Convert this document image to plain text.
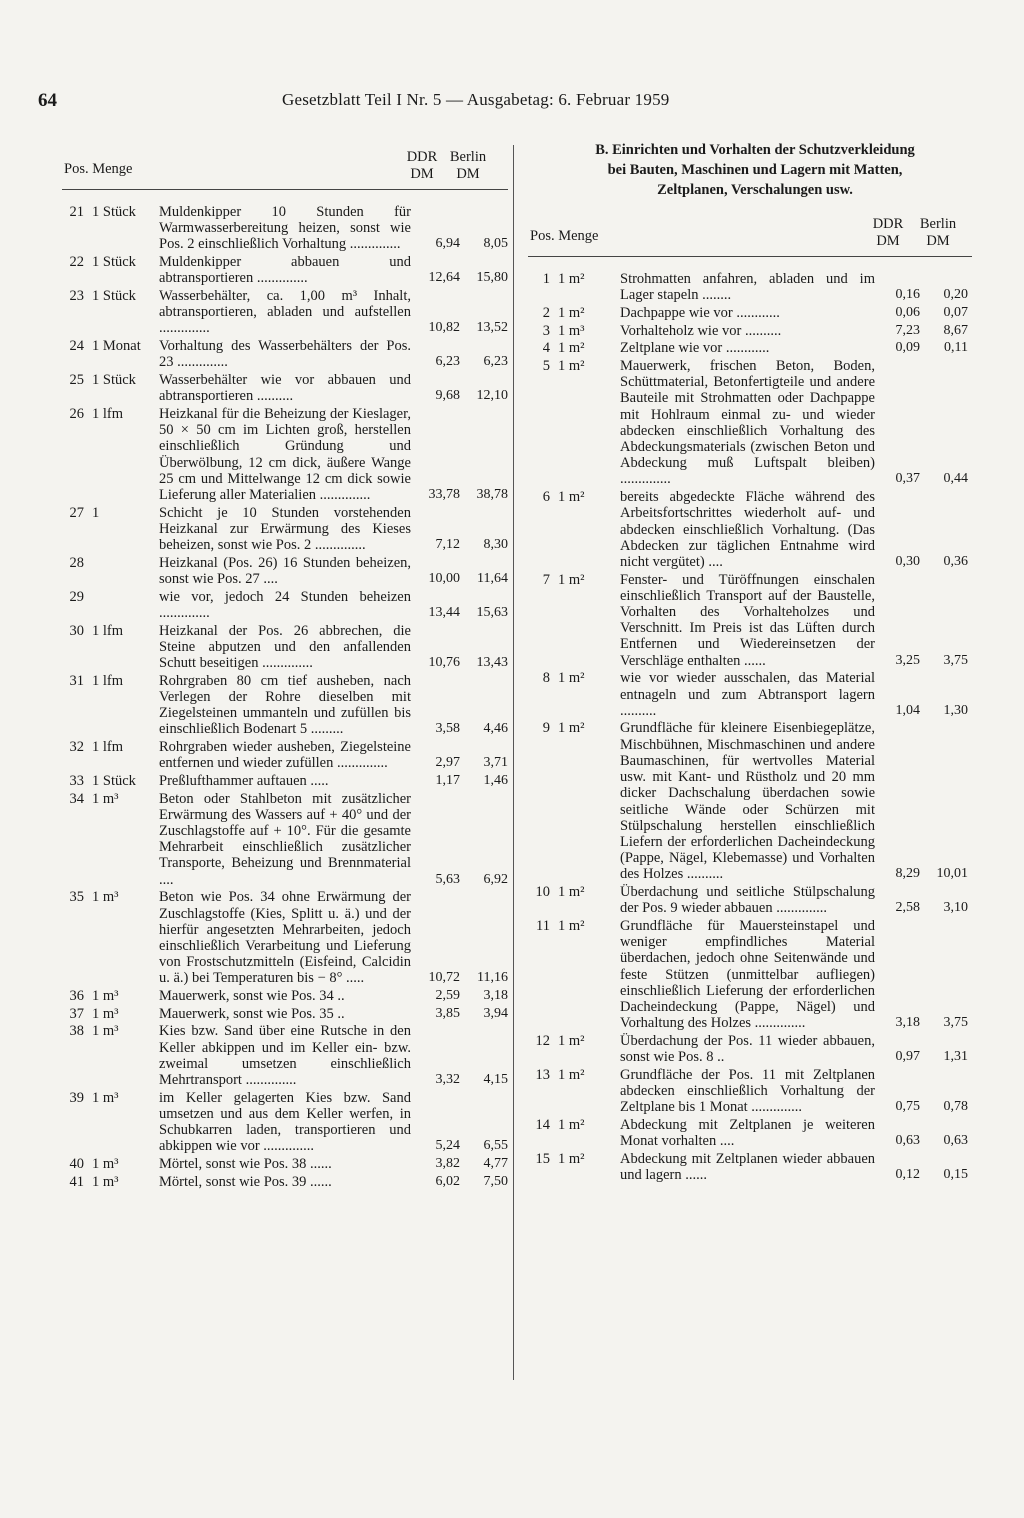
64	Gesetzblatt Teil I Nr. 5 — Ausgabetag: 6. Februar 1959
Pos. Menge
DDR DM
Berlin DM
21 1 Stück Muldenkipper 10 Stunden für Warmwasserbereitung heizen, sonst wie Pos. 2 einschließlich Vorhaltung ..............	6,94	8,05
22 1 Stück Muldenkipper abbauen und abtransportieren ..............	12,64	15,80
23 1 Stück Wasserbehälter, ca. 1,00 m³ Inhalt, abtransportieren, abladen und aufstellen ..............	10,82	13,52
24 1 Monat Vorhaltung des Wasserbehälters der Pos. 23 ..............	6,23	6,23
25 1 Stück Wasserbehälter wie vor abbauen und abtransportieren ..........	9,68	12,10
26 1 lfm Heizkanal für die Beheizung der Kieslager, 50 × 50 cm im Lichten groß, herstellen einschließlich Gründung und Überwölbung, 12 cm dick, äußere Wange 25 cm und Mittelwange 12 cm dick sowie Lieferung aller Materialien ..............	33,78	38,78
27 1	Schicht je 10 Stunden vorstehenden Heizkanal zur Erwärmung des Kieses beheizen, sonst wie Pos. 2 ..............	7,12	8,30
28	Heizkanal (Pos. 26) 16 Stunden beheizen, sonst wie Pos. 27 ....	10,00	11,64
29	wie vor, jedoch 24 Stunden beheizen ..............	13,44	15,63
30 1 lfm Heizkanal der Pos. 26 abbrechen, die Steine abputzen und den anfallenden Schutt beseitigen ..............	10,76	13,43
31 1 lfm Rohrgraben 80 cm tief ausheben, nach Verlegen der Rohre dieselben mit Ziegelsteinen ummanteln und zufüllen bis einschließlich Bodenart 5 .........	3,58	4,46
32 1 lfm Rohrgraben wieder ausheben, Ziegelsteine entfernen und wieder zufüllen ..............	2,97	3,71
33 1 Stück Preßlufthammer auftauen .....	1,17	1,46
34 1 m³	Beton oder Stahlbeton mit zusätzlicher Erwärmung des Wassers auf + 40° und der Zuschlagstoffe auf + 10°. Für die gesamte Mehrarbeit einschließlich zusätzlicher Transporte, Beheizung und Brennmaterial ....	5,63	6,92
35 1 m³	Beton wie Pos. 34 ohne Erwärmung der Zuschlagstoffe (Kies, Splitt u. ä.) und der hierfür angesetzten Mehrarbeiten, jedoch einschließlich Verarbeitung und Lieferung von Frostschutzmitteln (Eisfeind, Calcidin u. ä.) bei Temperaturen bis − 8° .....	10,72	11,16
36 1 m³	Mauerwerk, sonst wie Pos. 34 ..	2,59	3,18
37 1 m³	Mauerwerk, sonst wie Pos. 35 ..	3,85	3,94
38 1 m³	Kies bzw. Sand über eine Rutsche in den Keller abkippen und im Keller ein- bzw. zweimal umsetzen einschließlich Mehrtransport ..............	3,32	4,15
39 1 m³	im Keller gelagerten Kies bzw. Sand umsetzen und aus dem Keller werfen, in Schubkarren laden, transportieren und abkippen wie vor ..............	5,24	6,55
40 1 m³	Mörtel, sonst wie Pos. 38 ......	3,82	4,77
41 1 m³	Mörtel, sonst wie Pos. 39 ......	6,02	7,50
B. Einrichten und Vorhalten der Schutzverkleidung
bei Bauten, Maschinen und Lagern mit Matten,
Zeltplanen, Verschalungen usw.
Pos. Menge
DDR DM
Berlin DM
1 1 m² Strohmatten anfahren, abladen und im Lager stapeln ........	0,16	0,20
2 1 m² Dachpappe wie vor ............	0,06	0,07
3 1 m³ Vorhalteholz wie vor ..........	7,23	8,67
4 1 m² Zeltplane wie vor ............	0,09	0,11
5 1 m² Mauerwerk, frischen Beton, Boden, Schüttmaterial, Betonfertigteile und andere Bauteile mit Strohmatten oder Dachpappe mit Hohlraum einmal zu- und wieder abdecken einschließlich Vorhaltung des Abdeckungsmaterials (zwischen Beton und Abdeckung muß Luftspalt bleiben) ..............	0,37	0,44
6 1 m² bereits abgedeckte Fläche während des Arbeitsfortschrittes wiederholt auf- und abdecken einschließlich Vorhaltung. (Das Abdecken zur täglichen Entnahme wird nicht vergütet) ....	0,30	0,36
7 1 m² Fenster- und Türöffnungen einschalen einschließlich Transport auf der Baustelle, Vorhalten des Vorhalteholzes und Verschnitt. Im Preis ist das Lüften durch Entfernen und Wiedereinsetzen der Verschläge enthalten ......	3,25	3,75
8 1 m² wie vor wieder ausschalen, das Material entnageln und zum Abtransport lagern ..........	1,04	1,30
9 1 m² Grundfläche für kleinere Eisenbiegeplätze, Mischbühnen, Mischmaschinen und andere Baumaschinen, für wertvolles Material usw. mit Kant- und Rüstholz und 20 mm dicker Dachschalung überdachen sowie seitliche Wände oder Schürzen mit Stülpschalung herstellen einschließlich Liefern der erforderlichen Dacheindeckung (Pappe, Nägel, Klebemasse) und Vorhalten des Holzes ..........	8,29	10,01
10 1 m² Überdachung und seitliche Stülpschalung der Pos. 9 wieder abbauen ..............	2,58	3,10
11 1 m² Grundfläche für Mauersteinstapel und weniger empfindliches Material überdachen, jedoch ohne Seitenwände und feste Stützen (unmittelbar aufliegen) einschließlich Lieferung der erforderlichen Dacheindeckung (Pappe, Nägel) und Vorhaltung des Holzes ..............	3,18	3,75
12 1 m² Überdachung der Pos. 11 wieder abbauen, sonst wie Pos. 8 ..	0,97	1,31
13 1 m² Grundfläche der Pos. 11 mit Zeltplanen abdecken einschließlich Vorhaltung der Zeltplane bis 1 Monat ..............	0,75	0,78
14 1 m² Abdeckung mit Zeltplanen je weiteren Monat vorhalten ....	0,63	0,63
15 1 m² Abdeckung mit Zeltplanen wieder abbauen und lagern ......	0,12	0,15
